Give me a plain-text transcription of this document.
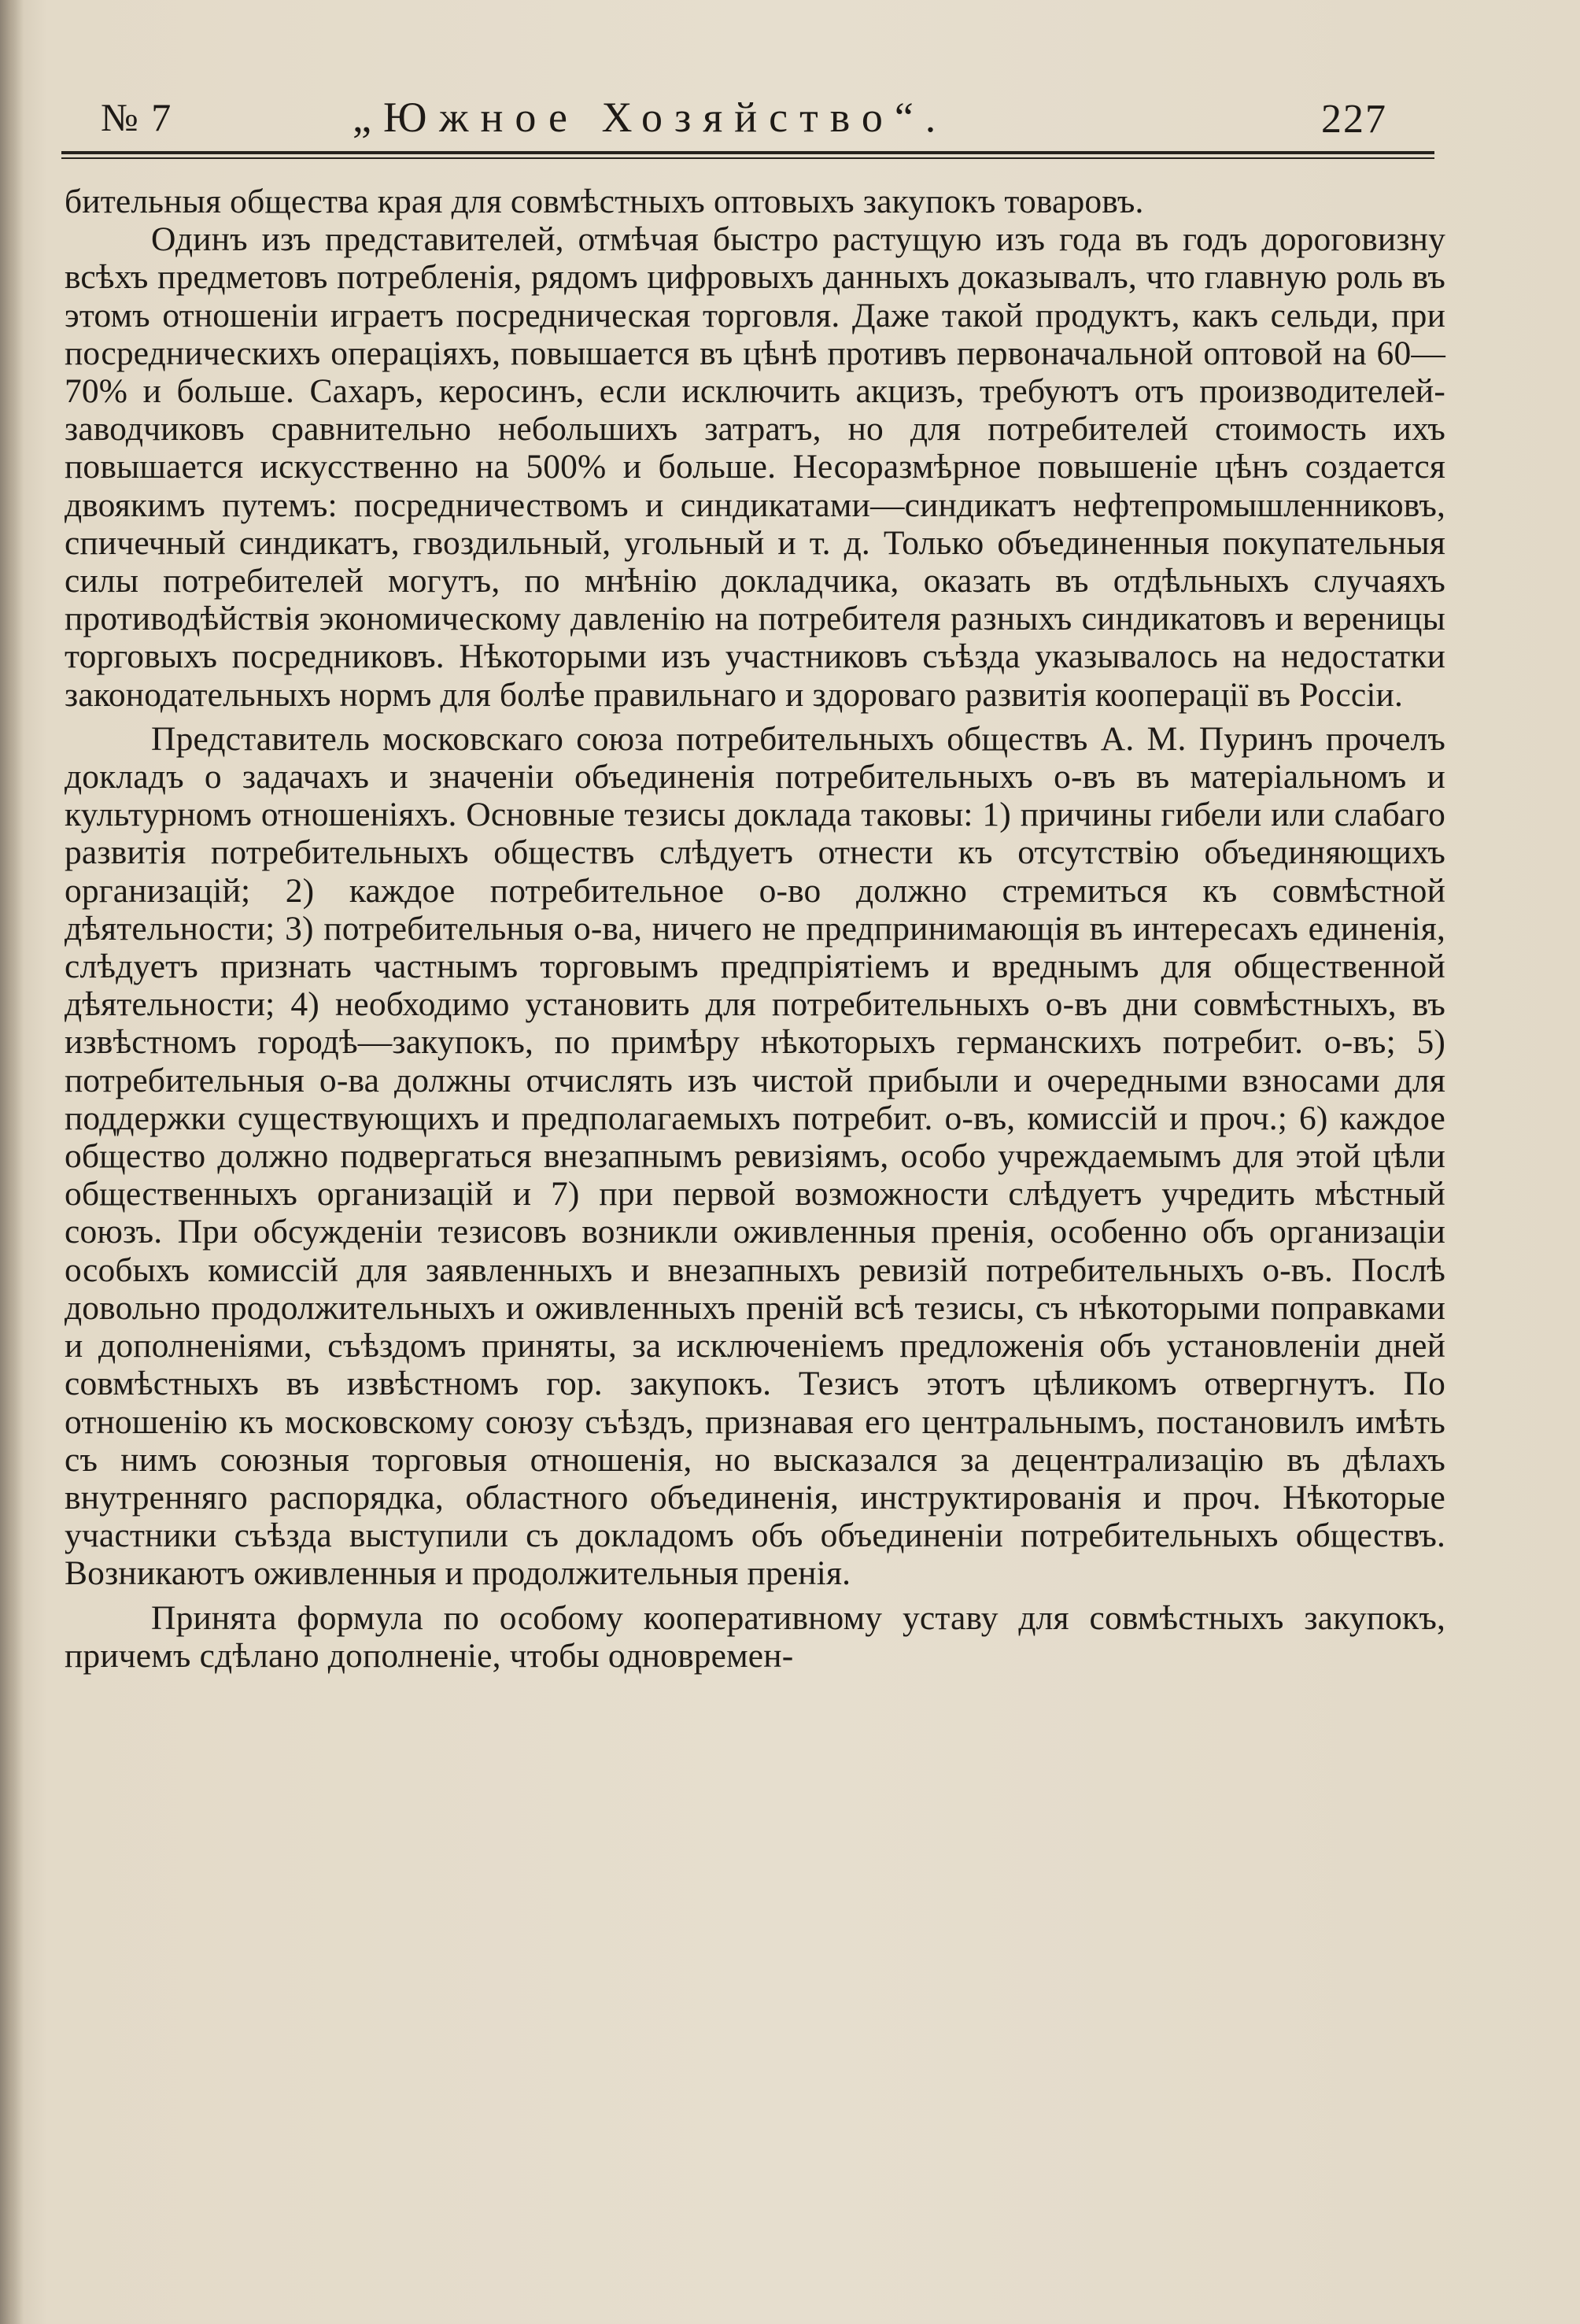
№ 7	„Южное Хозяйство“.	227

бительныя общества края для совмѣстныхъ оптовыхъ закупокъ товаровъ.

Одинъ изъ представителей, отмѣчая быстро растущую изъ года въ годъ дороговизну всѣхъ предметовъ потребленія, рядомъ цифровыхъ данныхъ доказывалъ, что главную роль въ этомъ отношеніи играетъ посредническая торговля. Даже такой продуктъ, какъ сельди, при посредническихъ операціяхъ, повышается въ цѣнѣ противъ первоначальной оптовой на 60—70% и больше. Сахаръ, керосинъ, если исключить акцизъ, требуютъ отъ производителей-заводчиковъ сравнительно небольшихъ затратъ, но для потребителей стоимость ихъ повышается искусственно на 500% и больше. Несоразмѣрное повышеніе цѣнъ создается двоякимъ путемъ: посредничествомъ и синдикатами—синдикатъ нефтепромышленниковъ, спичечный синдикатъ, гвоздильный, угольный и т. д. Только объединенныя покупательныя силы потребителей могутъ, по мнѣнію докладчика, оказать въ отдѣльныхъ случаяхъ противодѣйствія экономическому давленію на потребителя разныхъ синдикатовъ и вереницы торговыхъ посредниковъ. Нѣкоторыми изъ участниковъ съѣзда указывалось на недостатки законодательныхъ нормъ для болѣе правильнаго и здороваго развитія кооперації въ Россіи.

Представитель московскаго союза потребительныхъ обществъ А. М. Пуринъ прочелъ докладъ о задачахъ и значеніи объединенія потребительныхъ о-въ въ матеріальномъ и культурномъ отношеніяхъ. Основные тезисы доклада таковы: 1) причины гибели или слабаго развитія потребительныхъ обществъ слѣдуетъ отнести къ отсутствію объединяющихъ организацій; 2) каждое потребительное о-во должно стремиться къ совмѣстной дѣятельности; 3) потребительныя о-ва, ничего не предпринимающія въ интересахъ единенія, слѣдуетъ признать частнымъ торговымъ предпріятіемъ и вреднымъ для общественной дѣятельности; 4) необходимо установить для потребительныхъ о-въ дни совмѣстныхъ, въ извѣстномъ городѣ—закупокъ, по примѣру нѣкоторыхъ германскихъ потребит. о-въ; 5) потребительныя о-ва должны отчислять изъ чистой прибыли и очередными взносами для поддержки существующихъ и предполагаемыхъ потребит. о-въ, комиссій и проч.; 6) каждое общество должно подвергаться внезапнымъ ревизіямъ, особо учреждаемымъ для этой цѣли общественныхъ организацій и 7) при первой возможности слѣдуетъ учредить мѣстный союзъ. При обсужденіи тезисовъ возникли оживленныя пренія, особенно объ организаціи особыхъ комиссій для заявленныхъ и внезапныхъ ревизій потребительныхъ о-въ. Послѣ довольно продолжительныхъ и оживленныхъ преній всѣ тезисы, съ нѣкоторыми поправками и дополненіями, съѣздомъ приняты, за исключеніемъ предложенія объ установленіи дней совмѣстныхъ въ извѣстномъ гор. закупокъ. Тезисъ этотъ цѣликомъ отвергнутъ. По отношенію къ московскому союзу съѣздъ, признавая его центральнымъ, постановилъ имѣть съ нимъ союзныя торговыя отношенія, но высказался за децентрализацію въ дѣлахъ внутренняго распорядка, областного объединенія, инструктированія и проч. Нѣкоторые участники съѣзда выступили съ докладомъ объ объединеніи потребительныхъ обществъ. Возникаютъ оживленныя и продолжительныя пренія.

Принята формула по особому кооперативному уставу для совмѣстныхъ закупокъ, причемъ сдѣлано дополненіе, чтобы одновремен-
